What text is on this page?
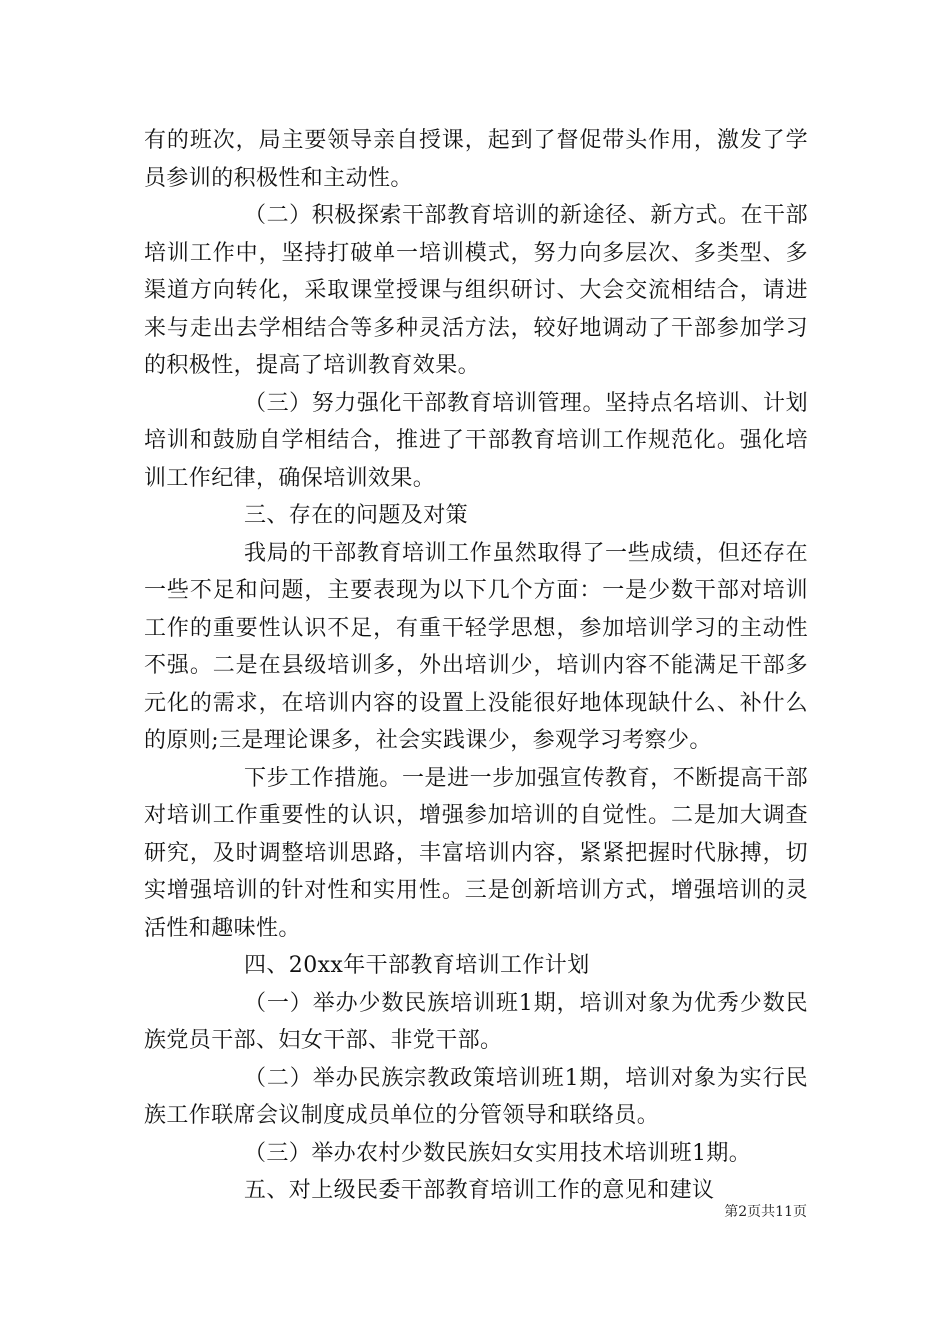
有的班次，局主要领导亲自授课，起到了督促带头作用，激发了学员参训的积极性和主动性。

（二）积极探索干部教育培训的新途径、新方式。在干部培训工作中，坚持打破单一培训模式，努力向多层次、多类型、多渠道方向转化，采取课堂授课与组织研讨、大会交流相结合，请进来与走出去学相结合等多种灵活方法，较好地调动了干部参加学习的积极性，提高了培训教育效果。

（三）努力强化干部教育培训管理。坚持点名培训、计划培训和鼓励自学相结合，推进了干部教育培训工作规范化。强化培训工作纪律，确保培训效果。

三、存在的问题及对策

我局的干部教育培训工作虽然取得了一些成绩，但还存在一些不足和问题，主要表现为以下几个方面：一是少数干部对培训工作的重要性认识不足，有重干轻学思想，参加培训学习的主动性不强。二是在县级培训多，外出培训少，培训内容不能满足干部多元化的需求，在培训内容的设置上没能很好地体现缺什么、补什么的原则;三是理论课多，社会实践课少，参观学习考察少。

下步工作措施。一是进一步加强宣传教育，不断提高干部对培训工作重要性的认识，增强参加培训的自觉性。二是加大调查研究，及时调整培训思路，丰富培训内容，紧紧把握时代脉搏，切实增强培训的针对性和实用性。三是创新培训方式，增强培训的灵活性和趣味性。

四、20xx年干部教育培训工作计划

（一）举办少数民族培训班1期，培训对象为优秀少数民族党员干部、妇女干部、非党干部。

（二）举办民族宗教政策培训班1期，培训对象为实行民族工作联席会议制度成员单位的分管领导和联络员。

（三）举办农村少数民族妇女实用技术培训班1期。

五、对上级民委干部教育培训工作的意见和建议

第2页共11页
